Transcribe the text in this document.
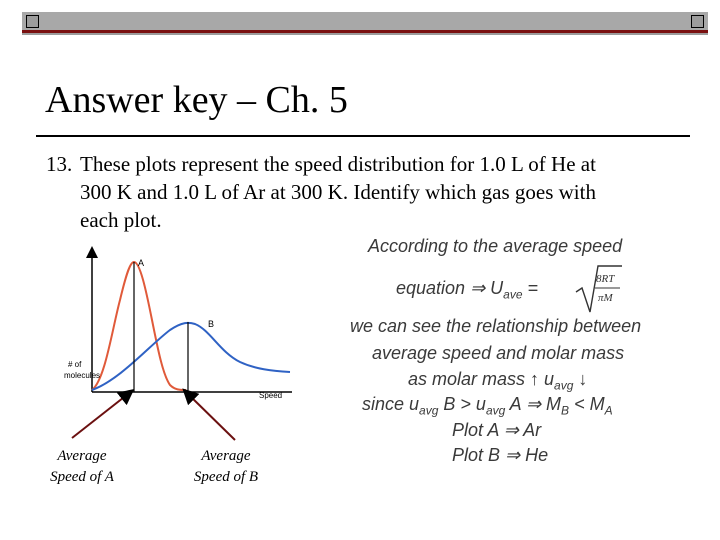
Answer key – Ch. 5
13. These plots represent the speed distribution for 1.0 L of He at
300 K and 1.0 L of Ar at 300 K. Identify which gas goes with
each plot.
A
B
# of
molecules
Speed
Average
Speed of A
Average
Speed of B
According to the average speed
equation ⇒ $U_{ave}$ =	8RT
πM
we can see the relationship between
average speed and molar mass
as molar mass ↑ $u_{avg}$ ↓
since $u_{avg}$ $B > u_{avg}$ A ⇒ $M_B < M_A$
Plot A ⇒ Ar
Plot B ⇒ He
